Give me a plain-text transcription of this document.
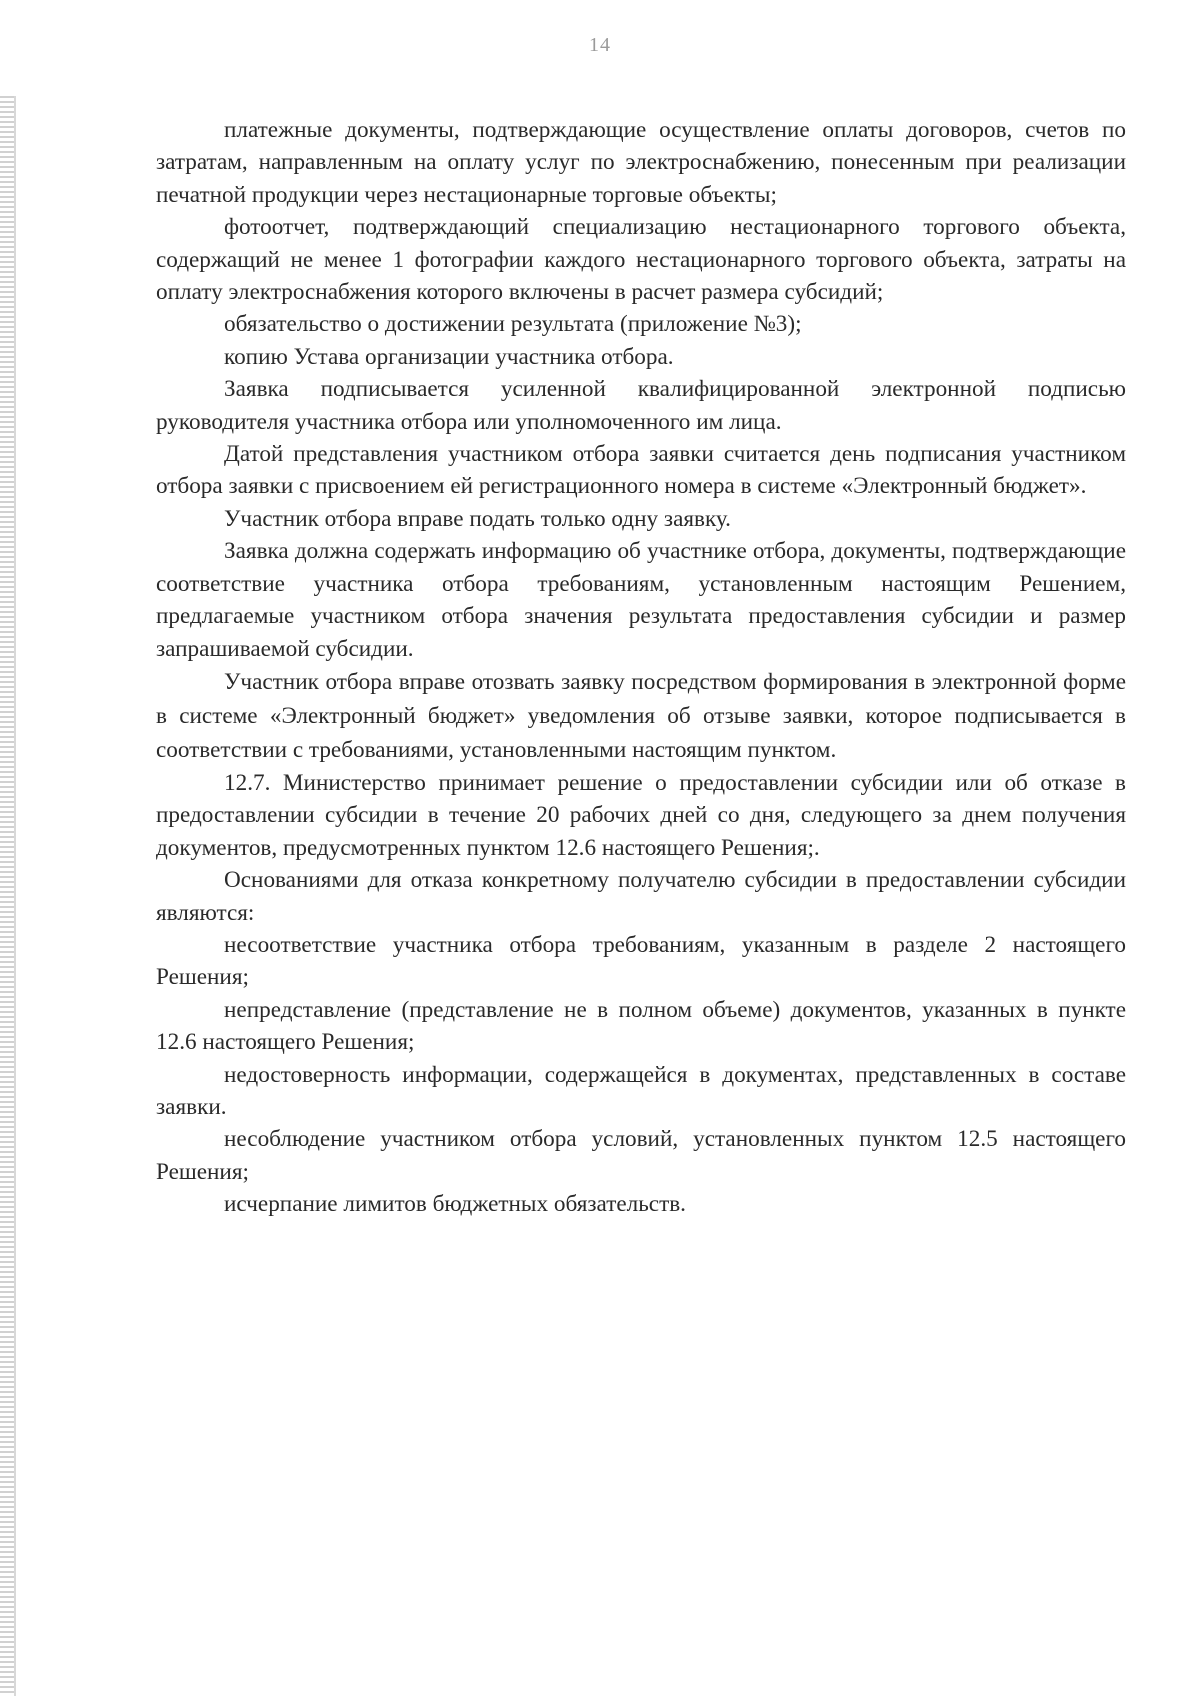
14

платежные документы, подтверждающие осуществление оплаты договоров, счетов по затратам, направленным на оплату услуг по электроснабжению, понесенным при реализации печатной продукции через нестационарные торговые объекты;

фотоотчет, подтверждающий специализацию нестационарного торгового объекта, содержащий не менее 1 фотографии каждого нестационарного торгового объекта, затраты на оплату электроснабжения которого включены в расчет размера субсидий;

обязательство о достижении результата (приложение №3);

копию Устава организации участника отбора.

Заявка подписывается усиленной квалифицированной электронной подписью руководителя участника отбора или уполномоченного им лица.

Датой представления участником отбора заявки считается день подписания участником отбора заявки с присвоением ей регистрационного номера в системе «Электронный бюджет».

Участник отбора вправе подать только одну заявку.

Заявка должна содержать информацию об участнике отбора, документы, подтверждающие соответствие участника отбора требованиям, установленным настоящим Решением, предлагаемые участником отбора значения результата предоставления субсидии и размер запрашиваемой субсидии.

Участник отбора вправе отозвать заявку посредством формирования в электронной форме в системе «Электронный бюджет» уведомления об отзыве заявки, которое подписывается в соответствии с требованиями, установленными настоящим пунктом.

12.7. Министерство принимает решение о предоставлении субсидии или об отказе в предоставлении субсидии в течение 20 рабочих дней со дня, следующего за днем получения документов, предусмотренных пунктом 12.6 настоящего Решения;.

Основаниями для отказа конкретному получателю субсидии в предоставлении субсидии являются:

несоответствие участника отбора требованиям, указанным в разделе 2 настоящего Решения;

непредставление (представление не в полном объеме) документов, указанных в пункте 12.6 настоящего Решения;

недостоверность информации, содержащейся в документах, представленных в составе заявки.

несоблюдение участником отбора условий, установленных пунктом 12.5 настоящего Решения;

исчерпание лимитов бюджетных обязательств.
